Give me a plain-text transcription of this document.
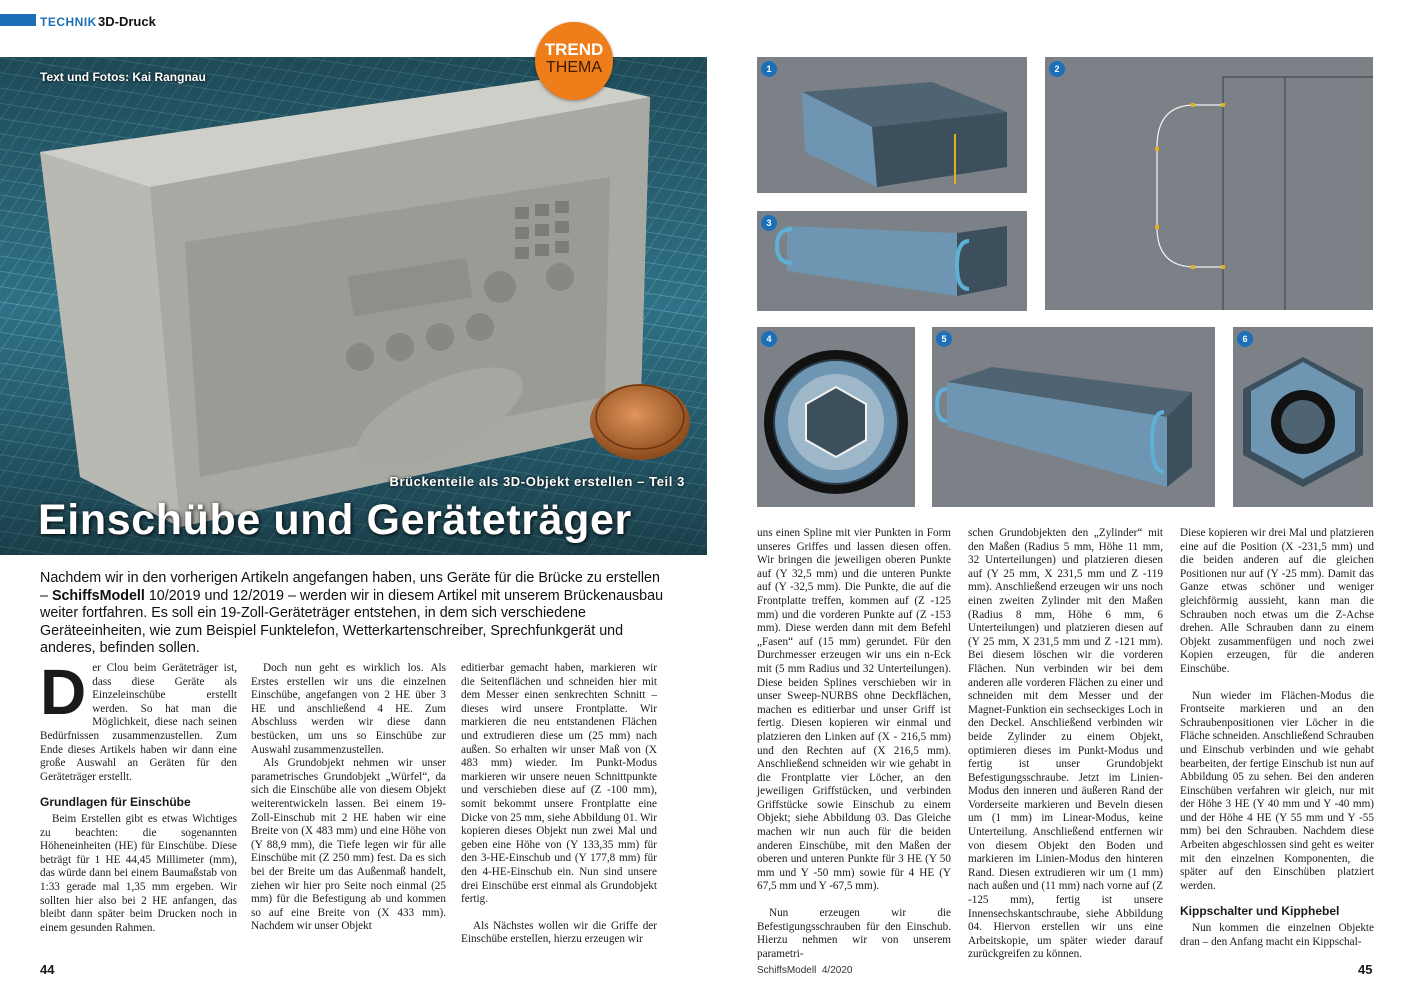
TECHNIK 3D-Druck
Text und Fotos: Kai Rangnau
TREND
THEMA
Brückenteile als 3D-Objekt erstellen – Teil 3
Einschübe und Geräteträger
Nachdem wir in den vorherigen Artikeln angefangen haben, uns Geräte für die Brücke zu erstellen – SchiffsModell 10/2019 und 12/2019 – werden wir in diesem Artikel mit unserem Brückenausbau weiter fortfahren. Es soll ein 19-Zoll-Geräteträger entstehen, in dem sich verschiedene Geräteeinheiten, wie zum Beispiel Funktelefon, Wetterkartenschreiber, Sprechfunkgerät und anderes, befinden sollen.

Der Clou beim Geräteträger ist, dass diese Geräte als Einzeleinschübe erstellt werden. So hat man die Möglichkeit, diese nach seinen Bedürfnissen zusammenzustellen. Zum Ende dieses Artikels haben wir dann eine große Auswahl an Geräten für den Geräteträger erstellt.

Grundlagen für Einschübe

Beim Erstellen gibt es etwas Wichtiges zu beachten: die sogenannten Höheneinheiten (HE) für Einschübe. Diese beträgt für 1 HE 44,45 Millimeter (mm), das würde dann bei einem Baumaßstab von 1:33 gerade mal 1,35 mm ergeben. Wir sollten hier also bei 2 HE anfangen, das bleibt dann später beim Drucken noch in einem gesunden Rahmen.

Doch nun geht es wirklich los. Als Erstes erstellen wir uns die einzelnen Einschübe, angefangen von 2 HE über 3 HE und anschließend 4 HE. Zum Abschluss werden wir diese dann bestücken, um uns so Einschübe zur Auswahl zusammenzustellen.

Als Grundobjekt nehmen wir unser parametrisches Grundobjekt „Würfel“, da sich die Einschübe alle von diesem Objekt weiterentwickeln lassen. Bei einem 19-Zoll-Einschub mit 2 HE haben wir eine Breite von (X 483 mm) und eine Höhe von (Y 88,9 mm), die Tiefe legen wir für alle Einschübe mit (Z 250 mm) fest. Da es sich bei der Breite um das Außenmaß handelt, ziehen wir hier pro Seite noch einmal (25 mm) für die Befestigung ab und kommen so auf eine Breite von (X 433 mm). Nachdem wir unser Objekt

editierbar gemacht haben, markieren wir die Seitenflächen und schneiden hier mit dem Messer einen senkrechten Schnitt – dieses wird unsere Frontplatte. Wir markieren die neu entstandenen Flächen und extrudieren diese um (25 mm) nach außen. So erhalten wir unser Maß von (X 483 mm) wieder. Im Punkt-Modus markieren wir unsere neuen Schnittpunkte und verschieben diese auf (Z -100 mm), somit bekommt unsere Frontplatte eine Dicke von 25 mm, siehe Abbildung 01. Wir kopieren dieses Objekt nun zwei Mal und geben eine Höhe von (Y 133,35 mm) für den 3-HE-Einschub und (Y 177,8 mm) für den 4-HE-Einschub ein. Nun sind unsere drei Einschübe erst einmal als Grundobjekt fertig.

Als Nächstes wollen wir die Griffe der Einschübe erstellen, hierzu erzeugen wir

uns einen Spline mit vier Punkten in Form unseres Griffes und lassen diesen offen. Wir bringen die jeweiligen oberen Punkte auf (Y 32,5 mm) und die unteren Punkte auf (Y -32,5 mm). Die Punkte, die auf die Frontplatte treffen, kommen auf (Z -125 mm) und die vorderen Punkte auf (Z -153 mm). Diese werden dann mit dem Befehl „Fasen“ auf (15 mm) gerundet. Für den Durchmesser erzeugen wir uns ein n-Eck mit (5 mm Radius und 32 Unterteilungen). Diese beiden Splines verschieben wir in unser Sweep-NURBS ohne Deckflächen, machen es editierbar und unser Griff ist fertig. Diesen kopieren wir einmal und platzieren den Linken auf (X - 216,5 mm) und den Rechten auf (X 216,5 mm). Anschließend schneiden wir wie gehabt in die Frontplatte vier Löcher, an den jeweiligen Griffstücken, und verbinden Griffstücke sowie Einschub zu einem Objekt; siehe Abbildung 03. Das Gleiche machen wir nun auch für die beiden anderen Einschübe, mit den Maßen der oberen und unteren Punkte für 3 HE (Y 50 mm und Y -50 mm) sowie für 4 HE (Y 67,5 mm und Y -67,5 mm).

Nun erzeugen wir die Befestigungsschrauben für den Einschub. Hierzu nehmen wir von unserem parametri-

schen Grundobjekten den „Zylinder“ mit den Maßen (Radius 5 mm, Höhe 11 mm, 32 Unterteilungen) und platzieren diesen auf (Y 25 mm, X 231,5 mm und Z -119 mm). Anschließend erzeugen wir uns noch einen zweiten Zylinder mit den Maßen (Radius 8 mm, Höhe 6 mm, 6 Unterteilungen) und platzieren diesen auf (Y 25 mm, X 231,5 mm und Z -121 mm). Bei diesem löschen wir die vorderen Flächen. Nun verbinden wir bei dem anderen alle vorderen Flächen zu einer und schneiden mit dem Messer und der Magnet-Funktion ein sechseckiges Loch in den Deckel. Anschließend verbinden wir beide Zylinder zu einem Objekt, optimieren dieses im Punkt-Modus und fertig ist unser Grundobjekt Befestigungsschraube. Jetzt im Linien-Modus den inneren und äußeren Rand der Vorderseite markieren und Beveln diesen um (1 mm) im Linear-Modus, keine Unterteilung. Anschließend entfernen wir von diesem Objekt den Boden und markieren im Linien-Modus den hinteren Rand. Diesen extrudieren wir um (1 mm) nach außen und (11 mm) nach vorne auf (Z -125 mm), fertig ist unsere Innensechskantschraube, siehe Abbildung 04. Hiervon erstellen wir uns eine Arbeitskopie, um später wieder darauf zurückgreifen zu können.

Diese kopieren wir drei Mal und platzieren eine auf die Position (X -231,5 mm) und die beiden anderen auf die gleichen Positionen nur auf (Y -25 mm). Damit das Ganze etwas schöner und weniger gleichförmig aussieht, kann man die Schrauben noch etwas um die Z-Achse drehen. Alle Schrauben dann zu einem Objekt zusammenfügen und noch zwei Kopien erzeugen, für die anderen Einschübe.

Nun wieder im Flächen-Modus die Frontseite markieren und an den Schraubenpositionen vier Löcher in die Fläche schneiden. Anschließend Schrauben und Einschub verbinden und wie gehabt bearbeiten, der fertige Einschub ist nun auf Abbildung 05 zu sehen. Bei den anderen Einschüben verfahren wir gleich, nur mit der Höhe 3 HE (Y 40 mm und Y -40 mm) und der Höhe 4 HE (Y 55 mm und Y -55 mm) bei den Schrauben. Nachdem diese Arbeiten abgeschlossen sind geht es weiter mit den einzelnen Komponenten, die später auf den Einschüben platziert werden.

Kippschalter und Kipphebel

Nun kommen die einzelnen Objekte dran – den Anfang macht ein Kippschal-

1	2
3
4	5	6
44	SchiffsModell 4/2020	45
